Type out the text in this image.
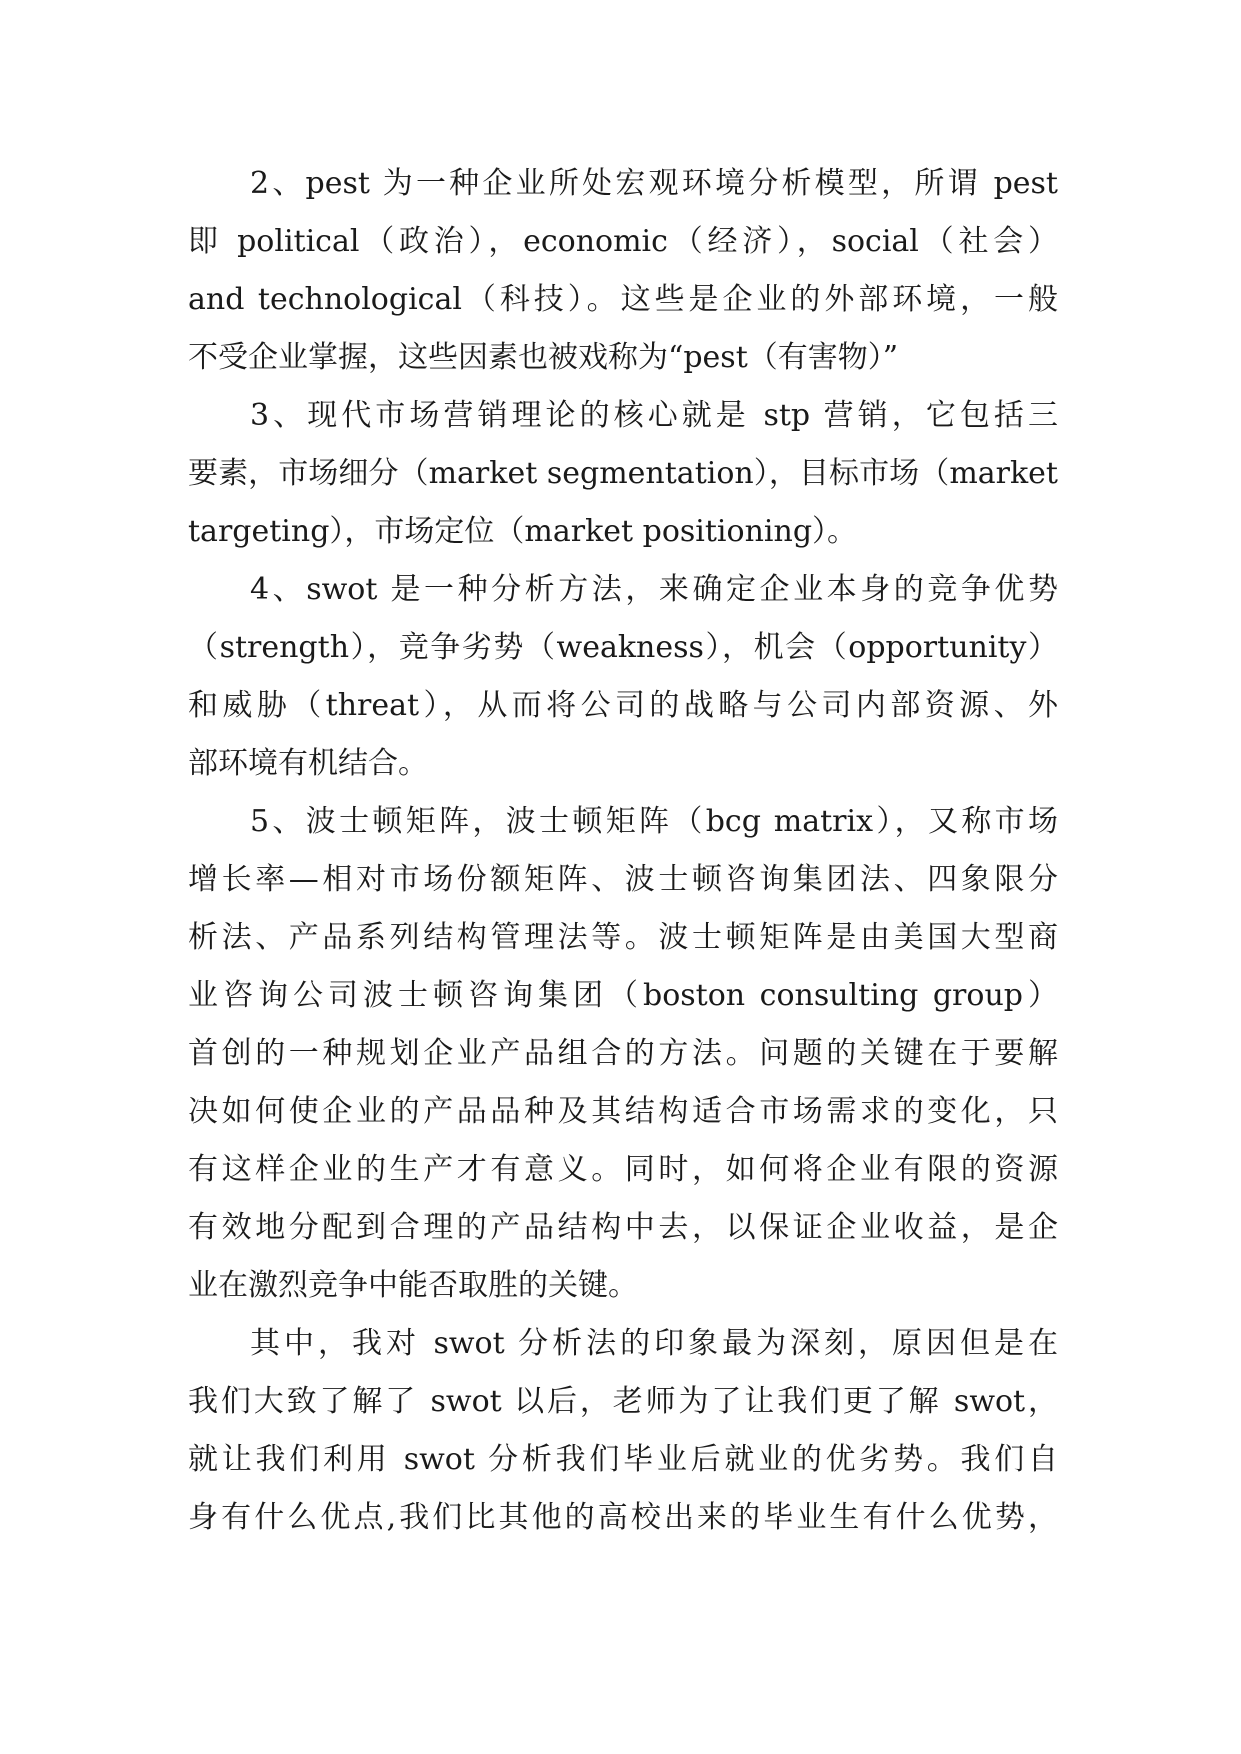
2、pest 为一种企业所处宏观环境分析模型，所谓 pest
即 political（政治），economic（经济），social（社会）
and technological（科技）。这些是企业的外部环境，一般
不受企业掌握，这些因素也被戏称为“pest（有害物）”
3、现代市场营销理论的核心就是 stp 营销，它包括三
要素，市场细分（market segmentation），目标市场（market
targeting），市场定位（market positioning）。
4、swot 是一种分析方法，来确定企业本身的竞争优势
（strength），竞争劣势（weakness），机会（opportunity）
和威胁（threat），从而将公司的战略与公司内部资源、外
部环境有机结合。
5、波士顿矩阵，波士顿矩阵（bcg matrix），又称市场
增长率—相对市场份额矩阵、波士顿咨询集团法、四象限分
析法、产品系列结构管理法等。波士顿矩阵是由美国大型商
业咨询公司波士顿咨询集团（boston consulting group）
首创的一种规划企业产品组合的方法。问题的关键在于要解
决如何使企业的产品品种及其结构适合市场需求的变化，只
有这样企业的生产才有意义。同时，如何将企业有限的资源
有效地分配到合理的产品结构中去，以保证企业收益，是企
业在激烈竞争中能否取胜的关键。
其中，我对 swot 分析法的印象最为深刻，原因但是在
我们大致了解了 swot 以后，老师为了让我们更了解 swot，
就让我们利用 swot 分析我们毕业后就业的优劣势。我们自
身有什么优点,我们比其他的高校出来的毕业生有什么优势，
